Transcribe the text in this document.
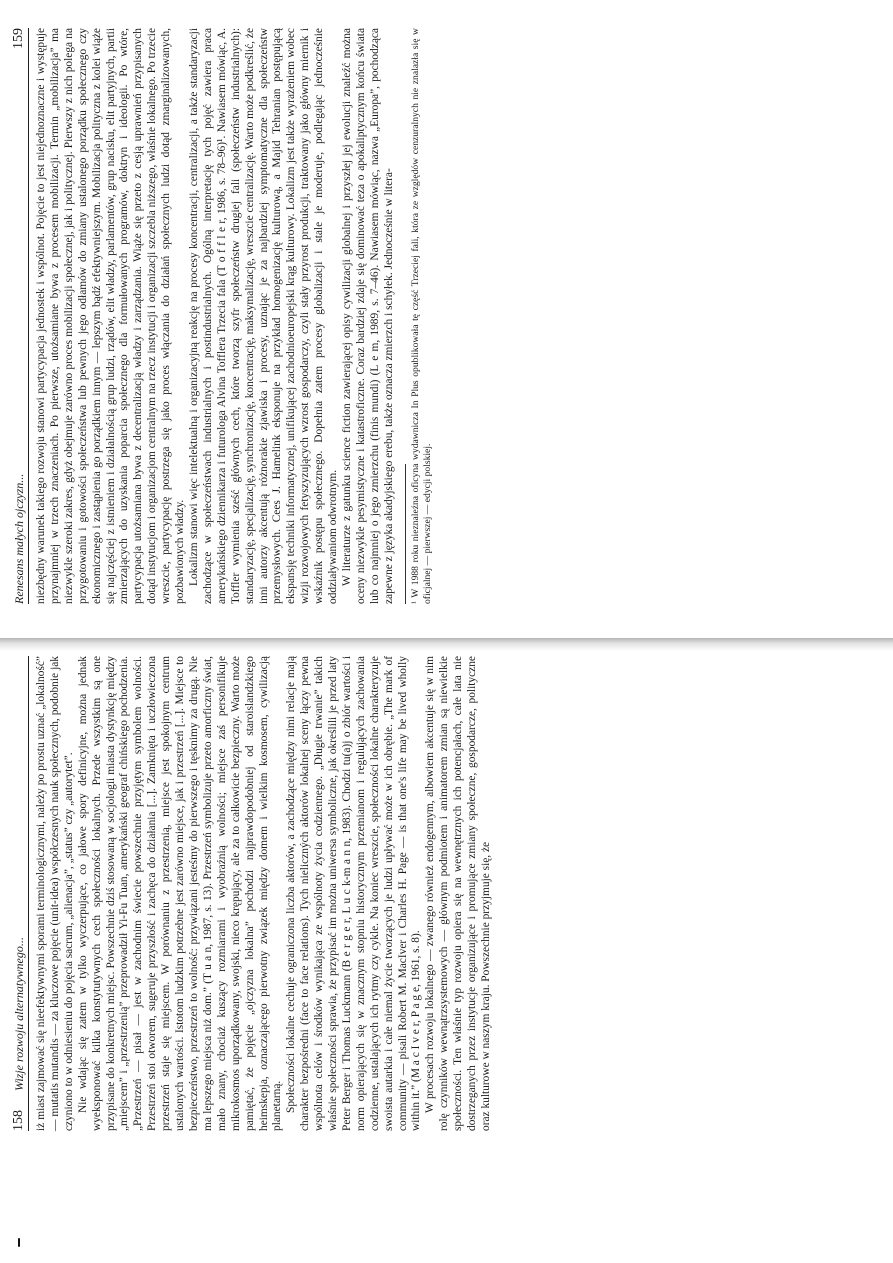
158
Wizje rozwoju alternatywnego... iż miast zajmować się nieefektywnymi sporami terminologicznymi, należy po prostu uznać „lokalność” — mutatis mutandis — za kluczowe pojęcie (unit-idea) współczesnych nauk społecznych, podobnie jak czyniono to w odniesieniu do pojęcia sacrum, „alienacja”, „status” czy „autorytet”. Nie wdając się zatem w tylko wyczerpujące, co jałowe spory definicyjne, można jednak wyeksponować kilka konstytutywnych cech społeczności lokalnych. Przede wszystkim są one przypisane do konkretnych miejsc. Powszechnie dziś stosowaną w socjologii miasta dystynkcję między „miejscem” i „przestrzenią” przeprowadził Yi-Fu Tuan, amerykański geograf chińskiego pochodzenia. „Przestrzeń — pisał — jest w zachodnim świecie powszechnie przyjętym symbolem wolności. Przestrzeń stoi otworem, sugeruje przyszłość i zachęca do działania [...]. Zamknięta i uczłowieczona przestrzeń staje się miejscem. W porównaniu z przestrzenią, miejsce jest spokojnym centrum ustalonych wartości. Istotom ludzkim potrzebne jest zarówno miejsce, jak i przestrzeń [...]. Miejsce to bezpieczeństwo, przestrzeń to wolność: przywiązani jesteśmy do pierwszego i tęsknimy za drugą. Nie ma lepszego miejsca niż dom.” (T u a n, 1987, s. 13). Przestrzeń symbolizuje przeto amorficzny świat, mało znany, chociaż kuszący rozmiarami i wyobraźnią wolności; miejsce zaś personifikuje mikrokosmos uporządkowany, swojski, nieco krępujący, ale za to całkowicie bezpieczny. Warto może pamiętać, że pojęcie „ojczyzna lokalna” pochodzi najprawdopodobniej od staroislandzkiego heimskepja, oznaczającego pierwotny związek między domem i wielkim kosmosem, cywilizacją planetarną. Społeczności lokalne cechuje ograniczona liczba aktorów, a zachodzące między nimi relacje mają charakter bezpośredni (face to face relations). Tych nieliczných aktorów lokalnej sceny łączy pewna wspólnota celów i środków wynikająca ze wspólnoty życia codziennego. „Długie trwanie” takich właśnie społeczności sprawia, że przypisać im można uniwersa symboliczne, jak określili je przed laty Peter Berger i Thomas Luckmann (B e r g e r, L u c k-m a n n, 1983). Chodzi tu(a)j o zbiór wartości i norm opierających się w znacznym stopniu historycznym przemianom i regulujących zachowania codzienne, ustalających ich rytmy czy cykle. Na koniec wreszcie, społeczności lokalne charakteryzuje swoista autarkia i całe niemal życie tworzących je ludzi upływać może w ich obrębie. „The mark of community — pisali Robert M. MacIver i Charles H. Page — is that one's life may be lived wholly within it.” (M a c I v e r, P a g e, 1961, s. 8). W procesach rozwoju lokalnego — zwanego również endogennym, albowiem akcentuje się w nim rolę czynników wewnątrzsystemowych — głównym podmiotem i animatorem zmian są niewielkie społeczności. Ten właśnie typ rozwoju opiera się na wewnętrznych ich potencjałach, całe lata nie dostrzeganych przez instytucje organizujące i promujące zmiany społeczne, gospodarcze, polityczne oraz kulturowe w naszym kraju. Powszechnie przyjmuje się, że

Renesans małych ojczyzn...
159 niezbędny warunek takiego rozwoju stanowi partycypacja jednostek i wspólnot. Pojęcie to jest niejednoznaczne i występuje przynajmniej w trzech znaczeniach. Po pierwsze, utożsamiane bywa z procesem mobilizacji. Termin „mobilizacja” ma niezwykle szeroki zakres, gdyż obejmuje zarówno proces mobilizacji społecznej, jak i politycznej. Pierwszy z nich polega na przygotowaniu i gotowości społeczeństwa lub pewnych jego odłamów do zmiany ustalonego porządku społecznego czy ekonomicznego i zastąpienia go porządkiem innym — lepszym bądź efektywniejszym. Mobilizacja polityczna z kolei wiąże się najczęściej z istnieniem i działalnością grup ludzi, rządów, elit władzy, parlamentów, grup nacisku, elit partyjnych, partii zmierzających do uzyskania poparcia społecznego dla formułowanych programów, doktryn i ideologii. Po wtóre, partycypacja utożsamiana bywa z decentralizacją władzy i zarządzania. Wiąże się przeto z cesją uprawnień przypisanych dotąd instytucjom i organizacjom centralnym na rzecz instytucji i organizacji szczebla niższego, właśnie lokalnego. Po trzecie wreszcie, partycypację postrzega się jako proces włączania do działań społecznych ludzi dotąd zmarginalizowanych, pozbawionych władzy. Lokalizm stanowi więc intelektualną i organizacyjną reakcję na procesy koncentracji, centralizacji, a także standaryzacji zachodzące w społeczeństwach industrialnych i postindustrialnych. Ogólną interpretację tych pojęć zawiera praca amerykańskiego dziennikarza i futurologa Alvina Tofflera Trzecia fala (T o f f l e r, 1986, s. 78–96)¹. Nawiasem mówiąc, A. Toffler wymienia sześć głównych cech, które tworzą szyfr społeczeństw drugiej fali (społeczeństw industrialnych): standaryzację, specjalizację, synchronizację, koncentrację, maksymalizację, wreszcie centralizację. Warto może podkreślić, że inni autorzy akcentują różnorakie zjawiska i procesy, uznając je za najbardziej symptomatyczne dla społeczeństw przemysłowych. Cees J. Hamelink eksponuje na przykład homogenizację kulturową, a Majid Tehranian postępującą ekspansję techniki informatycznej, unifikującej zachodnioeuropejski krąg kulturowy. Lokalizm jest także wyrażeniem wobec wizji rozwojowych fetyszyzujących wzrost gospodarczy, czyli stały przyrost produkcji, traktowany jako główny miernik i wskaźnik postępu społecznego. Dopełnia zatem procesy globalizacji i stale je moderuje, podlegając jednocześnie oddziaływaniom odwrotnym. W literaturze z gatunku science fiction zawierającej opisy cywilizacji globalnej i przyszłej jej ewolucji znaleźć można oceny niezwykle pesymistyczne i katastroficzne. Coraz bardziej zdaje się dominować teza o apokaliptycznym końcu świata lub co najmniej o jego zmierzchu (finis mundi) (L e m, 1989, s. 7–46). Nawiasem mówiąc, nazwa „Europa”, pochodząca zapewne z języka akadyjskiego erebu, także oznacza zmierzch i schyłek. Jednocześnie w litera- ¹ W 1988 roku nieznaleźna oficyna wydawnicza In Plus opublikowała tę część Trzeciej fali, która ze względów cenzuralnych nie znalazła się w oficjalnej — pierwszej — edycji polskiej.
